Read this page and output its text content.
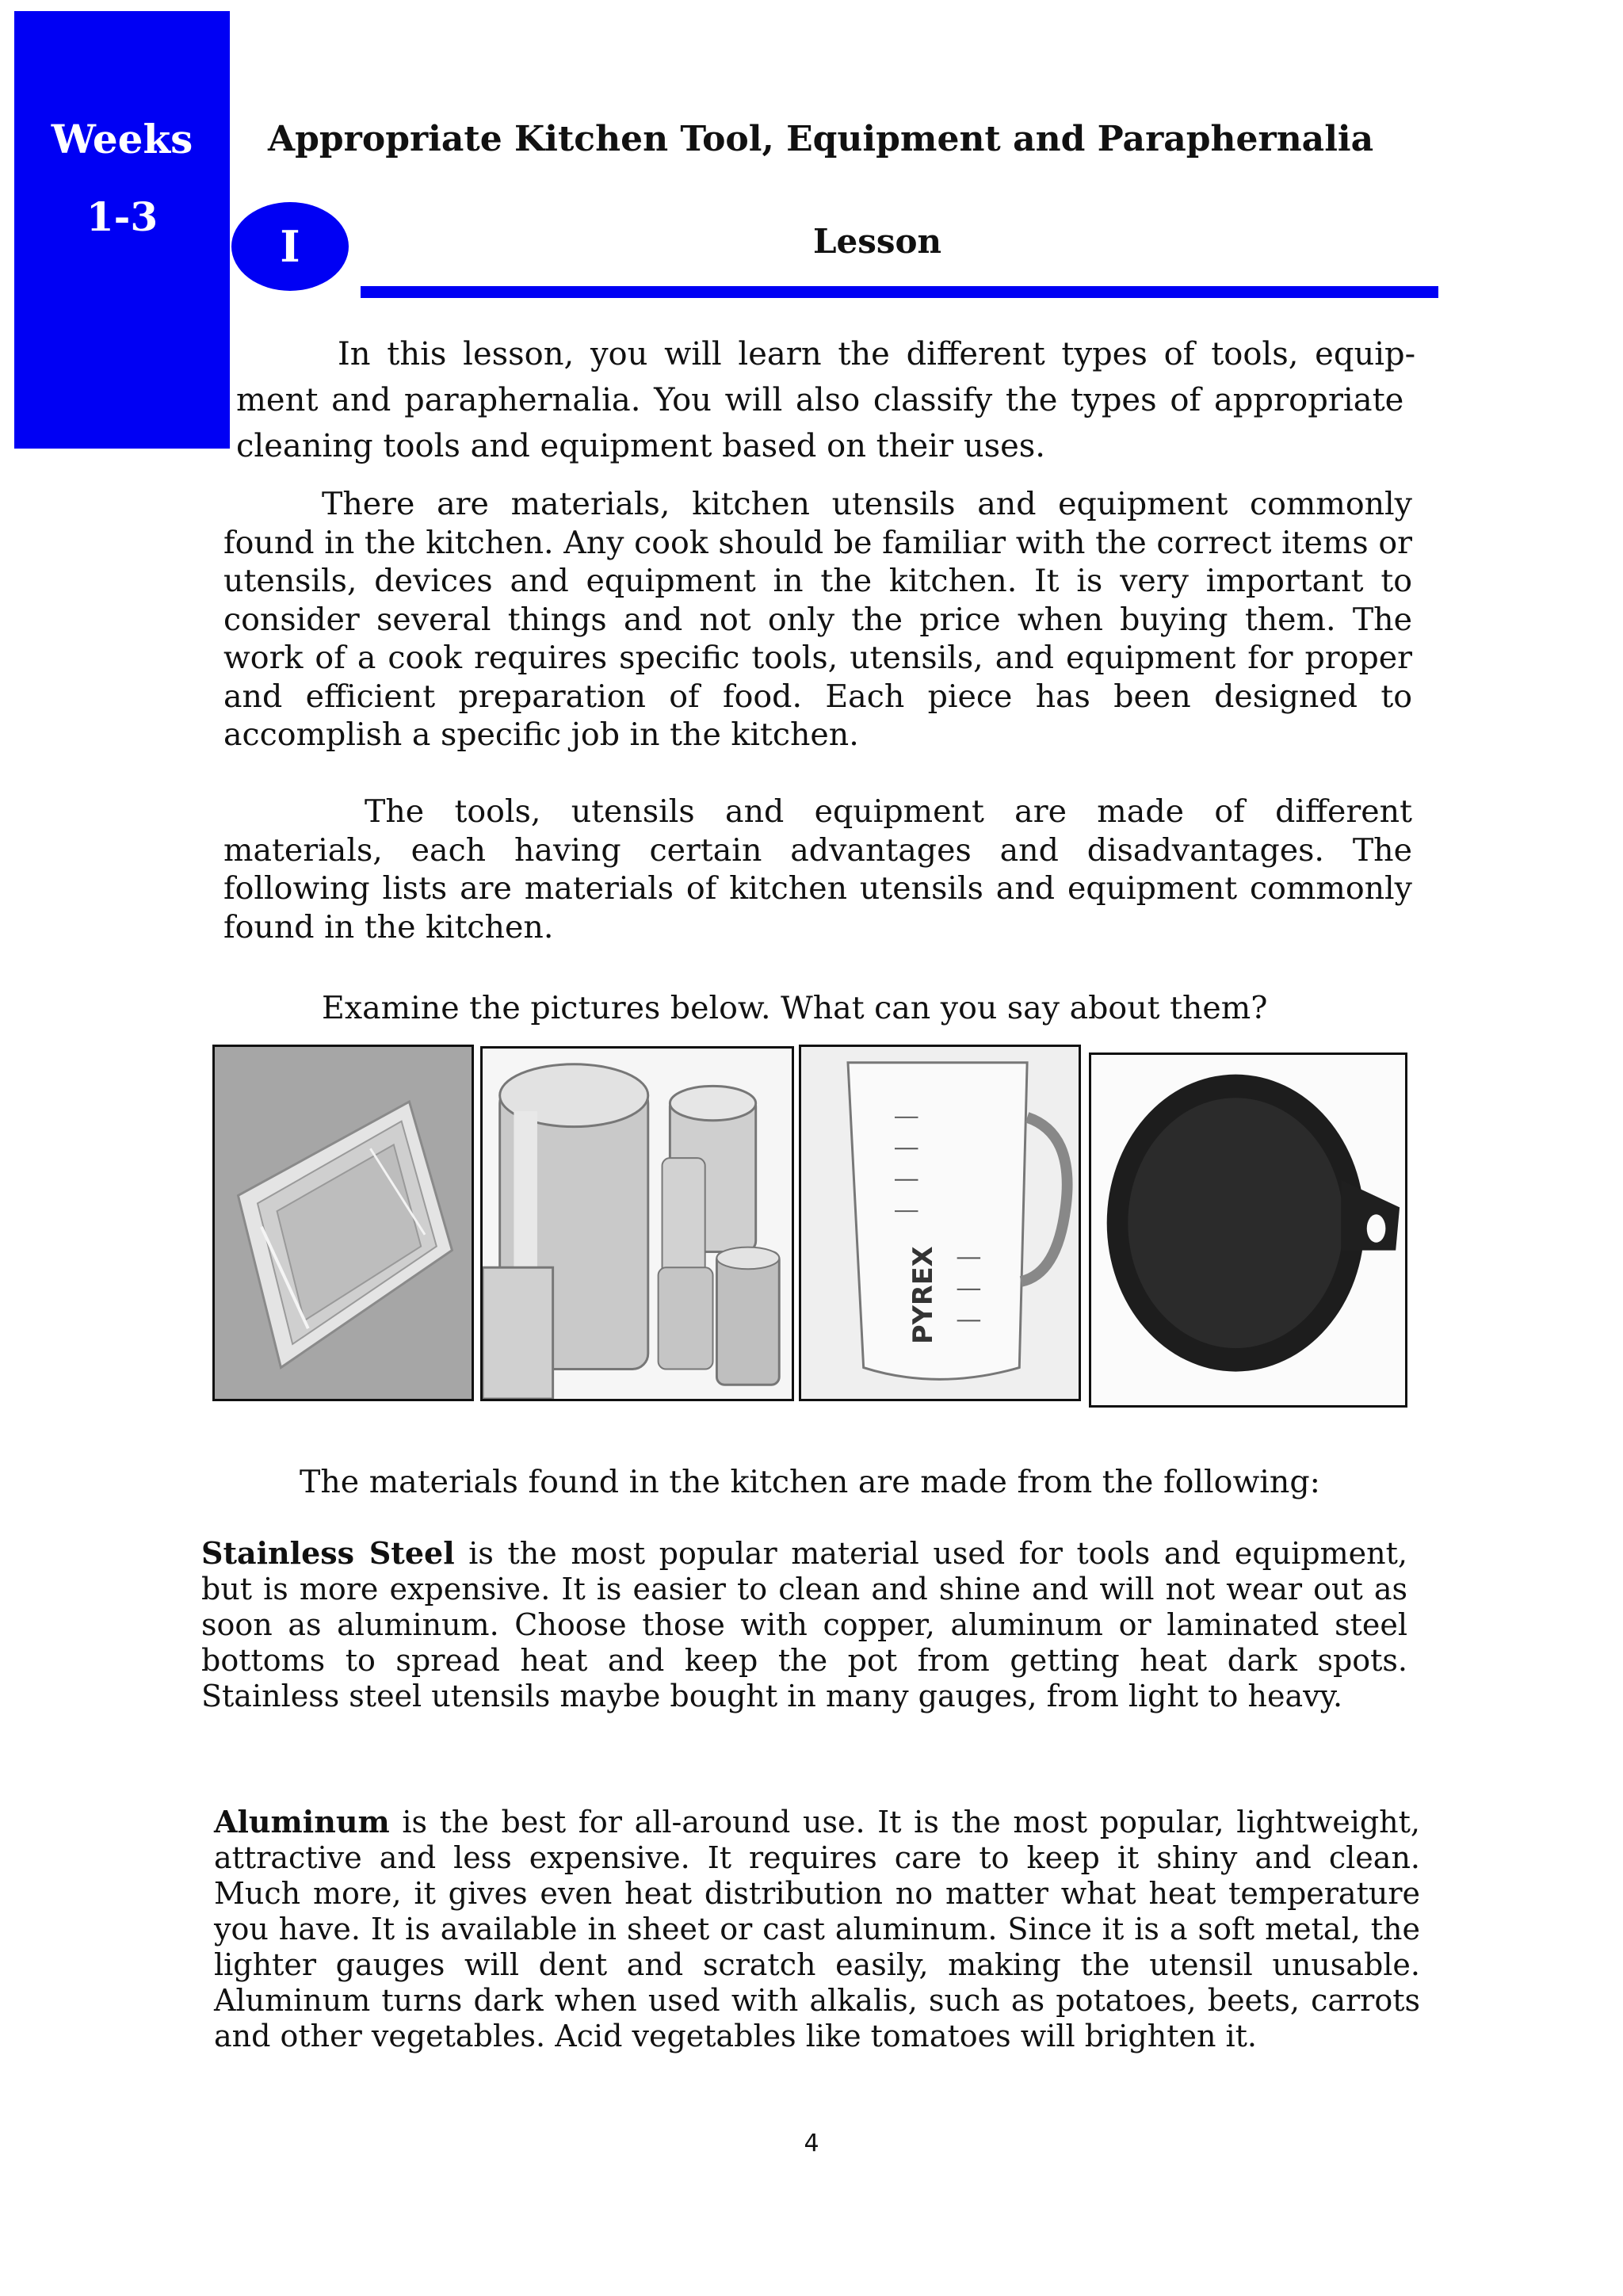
Weeks
1-3
Appropriate Kitchen Tool, Equipment and Paraphernalia
I	Lesson
In this lesson, you will learn the different types of tools, equip-
ment and paraphernalia. You will also classify the types of appropriate
cleaning tools and equipment based on their uses.

There are materials, kitchen utensils and equipment commonly found in the kitchen. Any cook should be familiar with the correct items or utensils, devices and equipment in the kitchen. It is very important to consider several things and not only the price when buying them. The work of a cook requires specific tools, utensils, and equipment for proper and efficient preparation of food. Each piece has been designed to accomplish a specific job in the kitchen.

The tools, utensils and equipment are made of different materials, each having certain advantages and disadvantages. The following lists are materials of kitchen utensils and equipment commonly found in the kitchen.

Examine the pictures below. What can you say about them?

PYREX

The materials found in the kitchen are made from the following:

Stainless Steel is the most popular material used for tools and equipment, but is more expensive. It is easier to clean and shine and will not wear out as soon as aluminum. Choose those with copper, aluminum or laminated steel bottoms to spread heat and keep the pot from getting heat dark spots. Stainless steel utensils maybe bought in many gauges, from light to heavy.

Aluminum is the best for all-around use. It is the most popular, lightweight, attractive and less expensive. It requires care to keep it shiny and clean. Much more, it gives even heat distribution no matter what heat temperature you have. It is available in sheet or cast aluminum. Since it is a soft metal, the lighter gauges will dent and scratch easily, making the utensil unusable. Aluminum turns dark when used with alkalis, such as potatoes, beets, carrots and other vegetables. Acid vegetables like tomatoes will brighten it.

4
